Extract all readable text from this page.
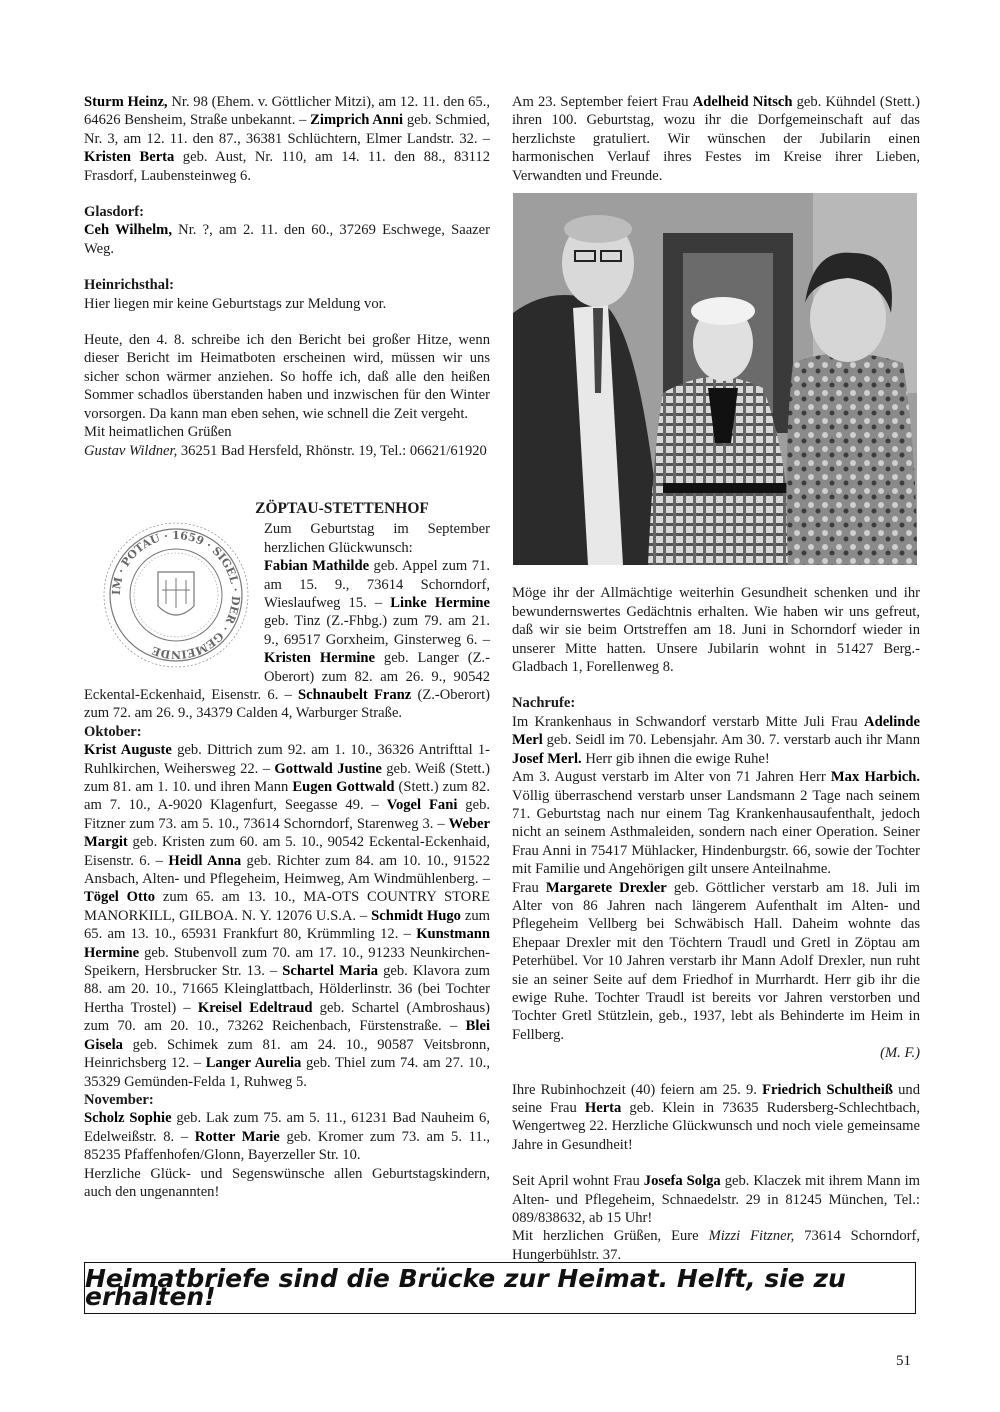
Sturm Heinz, Nr. 98 (Ehem. v. Göttlicher Mitzi), am 12. 11. den 65., 64626 Bensheim, Straße unbekannt. – Zimprich Anni geb. Schmied, Nr. 3, am 12. 11. den 87., 36381 Schlüchtern, Elmer Landstr. 32. – Kristen Berta geb. Aust, Nr. 110, am 14. 11. den 88., 83112 Frasdorf, Laubensteinweg 6.

Glasdorf:

Ceh Wilhelm, Nr. ?, am 2. 11. den 60., 37269 Eschwege, Saazer Weg.

Heinrichsthal:

Hier liegen mir keine Geburtstags zur Meldung vor.

Heute, den 4. 8. schreibe ich den Bericht bei großer Hitze, wenn dieser Bericht im Heimatboten erscheinen wird, müssen wir uns sicher schon wärmer anziehen. So hoffe ich, daß alle den heißen Sommer schadlos überstanden haben und inzwischen für den Winter vorsorgen. Da kann man eben sehen, wie schnell die Zeit vergeht.

Mit heimatlichen Grüßen

Gustav Wildner, 36251 Bad Hersfeld, Rhönstr. 19, Tel.: 06621/61920

ZÖPTAU-STETTENHOF

IM · POTAU · 1659 · SIGEL · DER · GEMEINDE

Zum Geburtstag im September herzlichen Glückwunsch:

Fabian Mathilde geb. Appel zum 71. am 15. 9., 73614 Schorndorf, Wieslaufweg 15. – Linke Hermine geb. Tinz (Z.-Fhbg.) zum 79. am 21. 9., 69517 Gorxheim, Ginsterweg 6. – Kristen Hermine geb. Langer (Z.-Oberort) zum 82. am 26. 9., 90542 Eckental-Eckenhaid, Eisenstr. 6. – Schnaubelt Franz (Z.-Oberort) zum 72. am 26. 9., 34379 Calden 4, Warburger Straße.

Oktober:

Krist Auguste geb. Dittrich zum 92. am 1. 10., 36326 Antrifttal 1-Ruhlkirchen, Weihersweg 22. – Gottwald Justine geb. Weiß (Stett.) zum 81. am 1. 10. und ihren Mann Eugen Gottwald (Stett.) zum 82. am 7. 10., A-9020 Klagenfurt, Seegasse 49. – Vogel Fani geb. Fitzner zum 73. am 5. 10., 73614 Schorndorf, Starenweg 3. – Weber Margit geb. Kristen zum 60. am 5. 10., 90542 Eckental-Eckenhaid, Eisenstr. 6. – Heidl Anna geb. Richter zum 84. am 10. 10., 91522 Ansbach, Alten- und Pflegeheim, Heimweg, Am Windmühlenberg. – Tögel Otto zum 65. am 13. 10., MA-OTS COUNTRY STORE MANORKILL, GILBOA. N. Y. 12076 U.S.A. – Schmidt Hugo zum 65. am 13. 10., 65931 Frankfurt 80, Krümmling 12. – Kunstmann Hermine geb. Stubenvoll zum 70. am 17. 10., 91233 Neunkirchen-Speikern, Hersbrucker Str. 13. – Schartel Maria geb. Klavora zum 88. am 20. 10., 71665 Kleinglattbach, Hölderlinstr. 36 (bei Tochter Hertha Trostel) – Kreisel Edeltraud geb. Schartel (Ambroshaus) zum 70. am 20. 10., 73262 Reichenbach, Fürstenstraße. – Blei Gisela geb. Schimek zum 81. am 24. 10., 90587 Veitsbronn, Heinrichsberg 12. – Langer Aurelia geb. Thiel zum 74. am 27. 10., 35329 Gemünden-Felda 1, Ruhweg 5.

November:

Scholz Sophie geb. Lak zum 75. am 5. 11., 61231 Bad Nauheim 6, Edelweißstr. 8. – Rotter Marie geb. Kromer zum 73. am 5. 11., 85235 Pfaffenhofen/Glonn, Bayerzeller Str. 10.

Herzliche Glück- und Segenswünsche allen Geburtstagskindern, auch den ungenannten!

Am 23. September feiert Frau Adelheid Nitsch geb. Kühndel (Stett.) ihren 100. Geburtstag, wozu ihr die Dorfgemeinschaft auf das herzlichste gratuliert. Wir wünschen der Jubilarin einen harmonischen Verlauf ihres Festes im Kreise ihrer Lieben, Verwandten und Freunde.

Möge ihr der Allmächtige weiterhin Gesundheit schenken und ihr bewundernswertes Gedächtnis erhalten. Wie haben wir uns gefreut, daß wir sie beim Ortstreffen am 18. Juni in Schorndorf wieder in unserer Mitte hatten. Unsere Jubilarin wohnt in 51427 Berg.-Gladbach 1, Forellenweg 8.

Nachrufe:

Im Krankenhaus in Schwandorf verstarb Mitte Juli Frau Adelinde Merl geb. Seidl im 70. Lebensjahr. Am 30. 7. verstarb auch ihr Mann Josef Merl. Herr gib ihnen die ewige Ruhe!

Am 3. August verstarb im Alter von 71 Jahren Herr Max Harbich. Völlig überraschend verstarb unser Landsmann 2 Tage nach seinem 71. Geburtstag nach nur einem Tag Krankenhausaufenthalt, jedoch nicht an seinem Asthmaleiden, sondern nach einer Operation. Seiner Frau Anni in 75417 Mühlacker, Hindenburgstr. 66, sowie der Tochter mit Familie und Angehörigen gilt unsere Anteilnahme.

Frau Margarete Drexler geb. Göttlicher verstarb am 18. Juli im Alter von 86 Jahren nach längerem Aufenthalt im Alten- und Pflegeheim Vellberg bei Schwäbisch Hall. Daheim wohnte das Ehepaar Drexler mit den Töchtern Traudl und Gretl in Zöptau am Peterhübel. Vor 10 Jahren verstarb ihr Mann Adolf Drexler, nun ruht sie an seiner Seite auf dem Friedhof in Murrhardt. Herr gib ihr die ewige Ruhe. Tochter Traudl ist bereits vor Jahren verstorben und Tochter Gretl Stützlein, geb., 1937, lebt als Behinderte im Heim in Fellberg.

(M. F.)

Ihre Rubinhochzeit (40) feiern am 25. 9. Friedrich Schultheiß und seine Frau Herta geb. Klein in 73635 Rudersberg-Schlechtbach, Wengertweg 22. Herzliche Glückwunsch und noch viele gemeinsame Jahre in Gesundheit!

Seit April wohnt Frau Josefa Solga geb. Klaczek mit ihrem Mann im Alten- und Pflegeheim, Schnaedelstr. 29 in 81245 München, Tel.: 089/838632, ab 15 Uhr!

Mit herzlichen Grüßen, Eure Mizzi Fitzner, 73614 Schorndorf, Hungerbühlstr. 37.

Heimatbriefe sind die Brücke zur Heimat. Helft, sie zu erhalten!
51
